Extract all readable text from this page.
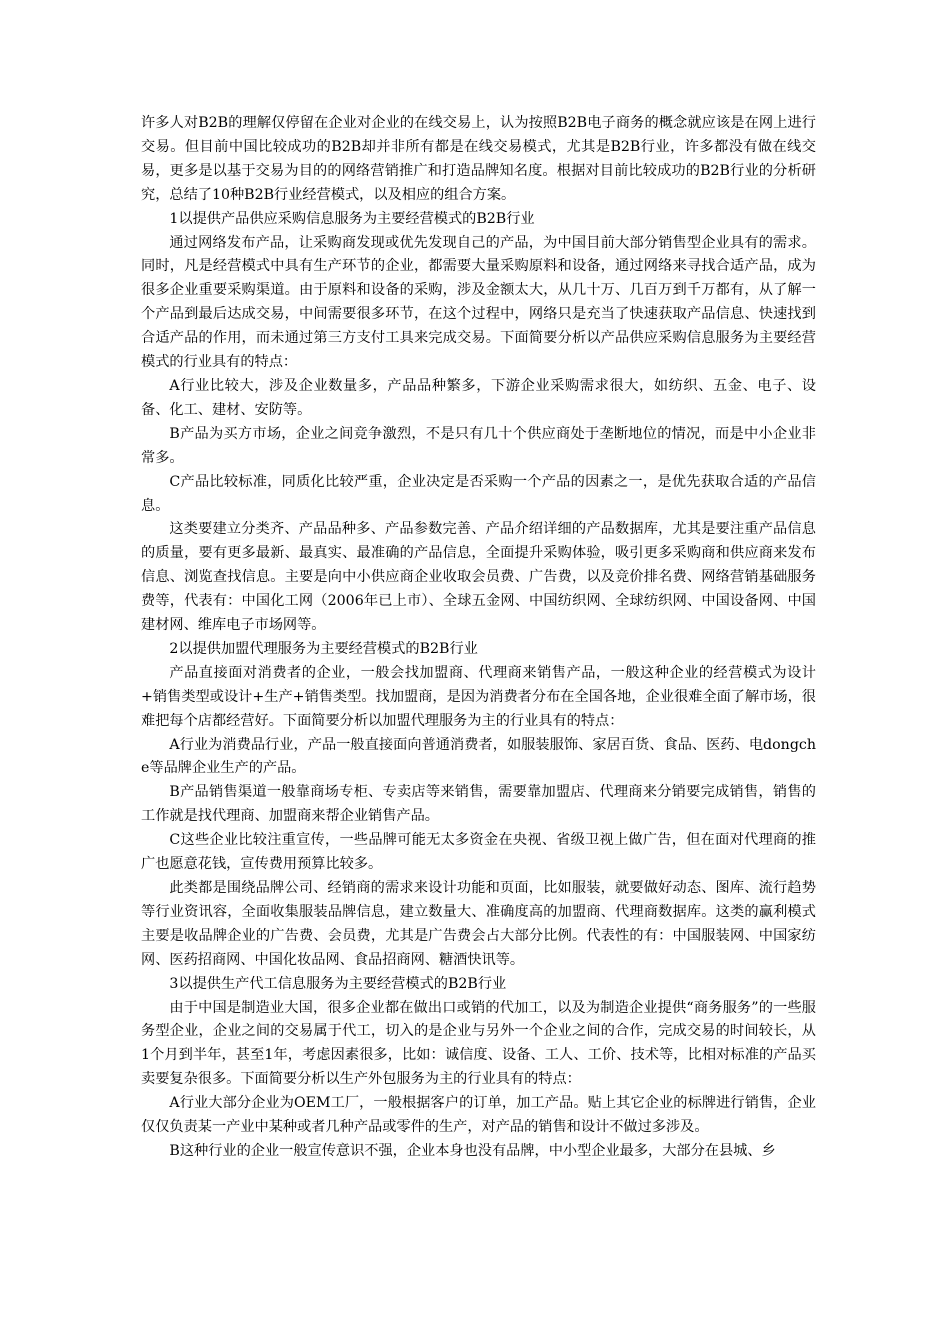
许多人对B2B的理解仅停留在企业对企业的在线交易上，认为按照B2B电子商务的概念就应该是在网上进行交易。但目前中国比较成功的B2B却并非所有都是在线交易模式，尤其是B2B行业，许多都没有做在线交易，更多是以基于交易为目的的网络营销推广和打造品牌知名度。根据对目前比较成功的B2B行业的分析研究，总结了10种B2B行业经营模式，以及相应的组合方案。

1以提供产品供应采购信息服务为主要经营模式的B2B行业

通过网络发布产品，让采购商发现或优先发现自己的产品，为中国目前大部分销售型企业具有的需求。同时，凡是经营模式中具有生产环节的企业，都需要大量采购原料和设备，通过网络来寻找合适产品，成为很多企业重要采购渠道。由于原料和设备的采购，涉及金额太大，从几十万、几百万到千万都有，从了解一个产品到最后达成交易，中间需要很多环节，在这个过程中，网络只是充当了快速获取产品信息、快速找到合适产品的作用，而未通过第三方支付工具来完成交易。下面简要分析以产品供应采购信息服务为主要经营模式的行业具有的特点：

A行业比较大，涉及企业数量多，产品品种繁多，下游企业采购需求很大，如纺织、五金、电子、设备、化工、建材、安防等。

B产品为买方市场，企业之间竞争激烈，不是只有几十个供应商处于垄断地位的情况，而是中小企业非常多。

C产品比较标准，同质化比较严重，企业决定是否采购一个产品的因素之一，是优先获取合适的产品信息。

这类要建立分类齐、产品品种多、产品参数完善、产品介绍详细的产品数据库，尤其是要注重产品信息的质量，要有更多最新、最真实、最准确的产品信息，全面提升采购体验，吸引更多采购商和供应商来发布信息、浏览查找信息。主要是向中小供应商企业收取会员费、广告费，以及竞价排名费、网络营销基础服务费等，代表有：中国化工网（2006年已上市）、全球五金网、中国纺织网、全球纺织网、中国设备网、中国建材网、维库电子市场网等。

2以提供加盟代理服务为主要经营模式的B2B行业

产品直接面对消费者的企业，一般会找加盟商、代理商来销售产品，一般这种企业的经营模式为设计+销售类型或设计+生产+销售类型。找加盟商，是因为消费者分布在全国各地，企业很难全面了解市场，很难把每个店都经营好。下面简要分析以加盟代理服务为主的行业具有的特点：

A行业为消费品行业，产品一般直接面向普通消费者，如服装服饰、家居百货、食品、医药、电dongche等品牌企业生产的产品。

B产品销售渠道一般靠商场专柜、专卖店等来销售，需要靠加盟店、代理商来分销要完成销售，销售的工作就是找代理商、加盟商来帮企业销售产品。

C这些企业比较注重宣传，一些品牌可能无太多资金在央视、省级卫视上做广告，但在面对代理商的推广也愿意花钱，宣传费用预算比较多。

此类都是围绕品牌公司、经销商的需求来设计功能和页面，比如服装，就要做好动态、图库、流行趋势等行业资讯容，全面收集服装品牌信息，建立数量大、准确度高的加盟商、代理商数据库。这类的赢利模式主要是收品牌企业的广告费、会员费，尤其是广告费会占大部分比例。代表性的有：中国服装网、中国家纺网、医药招商网、中国化妆品网、食品招商网、糖酒快讯等。

3以提供生产代工信息服务为主要经营模式的B2B行业

由于中国是制造业大国，很多企业都在做出口或销的代加工，以及为制造企业提供“商务服务”的一些服务型企业，企业之间的交易属于代工，切入的是企业与另外一个企业之间的合作，完成交易的时间较长，从1个月到半年，甚至1年，考虑因素很多，比如：诚信度、设备、工人、工价、技术等，比相对标准的产品买卖要复杂很多。下面简要分析以生产外包服务为主的行业具有的特点：

A行业大部分企业为OEM工厂，一般根据客户的订单，加工产品。贴上其它企业的标牌进行销售，企业仅仅负责某一产业中某种或者几种产品或零件的生产，对产品的销售和设计不做过多涉及。

B这种行业的企业一般宣传意识不强，企业本身也没有品牌，中小型企业最多，大部分在县城、乡
